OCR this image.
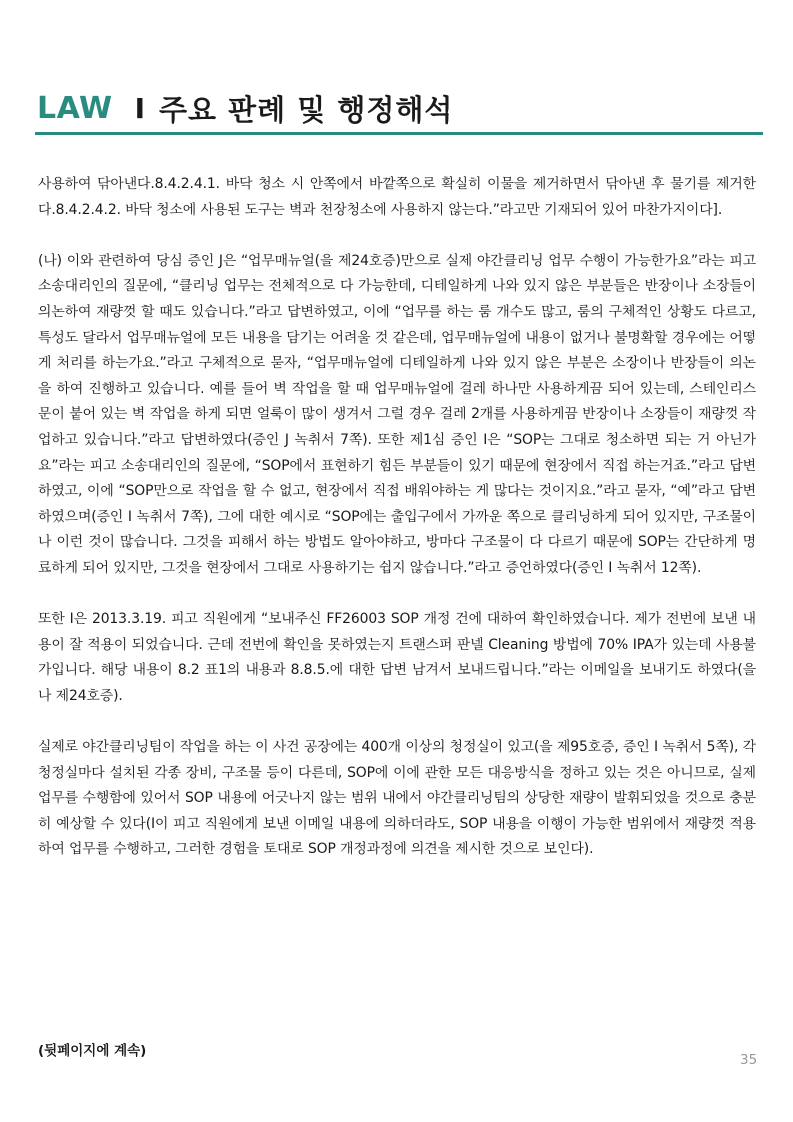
LAW I 주요 판례 및 행정해석

사용하여 닦아낸다.8.4.2.4.1. 바닥 청소 시 안쪽에서 바깥쪽으로 확실히 이물을 제거하면서 닦아낸 후 물기를 제거한다.8.4.2.4.2. 바닥 청소에 사용된 도구는 벽과 천장청소에 사용하지 않는다.”라고만 기재되어 있어 마찬가지이다].

(나) 이와 관련하여 당심 증인 J은 “업무매뉴얼(을 제24호증)만으로 실제 야간클리닝 업무 수행이 가능한가요”라는 피고 소송대리인의 질문에, “클리닝 업무는 전체적으로 다 가능한데, 디테일하게 나와 있지 않은 부분들은 반장이나 소장들이 의논하여 재량껏 할 때도 있습니다.”라고 답변하였고, 이에 “업무를 하는 룸 개수도 많고, 룸의 구체적인 상황도 다르고, 특성도 달라서 업무매뉴얼에 모든 내용을 담기는 어려울 것 같은데, 업무매뉴얼에 내용이 없거나 불명확할 경우에는 어떻게 처리를 하는가요.”라고 구체적으로 묻자, “업무매뉴얼에 디테일하게 나와 있지 않은 부분은 소장이나 반장들이 의논을 하여 진행하고 있습니다. 예를 들어 벽 작업을 할 때 업무매뉴얼에 걸레 하나만 사용하게끔 되어 있는데, 스테인리스 문이 붙어 있는 벽 작업을 하게 되면 얼룩이 많이 생겨서 그럴 경우 걸레 2개를 사용하게끔 반장이나 소장들이 재량껏 작업하고 있습니다.”라고 답변하였다(증인 J 녹취서 7쪽). 또한 제1심 증인 I은 “SOP는 그대로 청소하면 되는 거 아닌가요”라는 피고 소송대리인의 질문에, “SOP에서 표현하기 힘든 부분들이 있기 때문에 현장에서 직접 하는거죠.”라고 답변하였고, 이에 “SOP만으로 작업을 할 수 없고, 현장에서 직접 배워야하는 게 많다는 것이지요.”라고 묻자, “예”라고 답변하였으며(증인 I 녹취서 7쪽), 그에 대한 예시로 “SOP에는 출입구에서 가까운 쪽으로 클리닝하게 되어 있지만, 구조물이나 이런 것이 많습니다. 그것을 피해서 하는 방법도 알아야하고, 방마다 구조물이 다 다르기 때문에 SOP는 간단하게 명료하게 되어 있지만, 그것을 현장에서 그대로 사용하기는 쉽지 않습니다.”라고 증언하였다(증인 I 녹취서 12쪽).

또한 I은 2013.3.19. 피고 직원에게 “보내주신 FF26003 SOP 개정 건에 대하여 확인하였습니다. 제가 전번에 보낸 내용이 잘 적용이 되었습니다. 근데 전번에 확인을 못하였는지 트랜스퍼 판넬 Cleaning 방법에 70% IPA가 있는데 사용불가입니다. 해당 내용이 8.2 표1의 내용과 8.8.5.에 대한 답변 남겨서 보내드립니다.”라는 이메일을 보내기도 하였다(을나 제24호증).

실제로 야간클리닝팀이 작업을 하는 이 사건 공장에는 400개 이상의 청정실이 있고(을 제95호증, 증인 I 녹취서 5쪽), 각 청정실마다 설치된 각종 장비, 구조물 등이 다른데, SOP에 이에 관한 모든 대응방식을 정하고 있는 것은 아니므로, 실제 업무를 수행함에 있어서 SOP 내용에 어긋나지 않는 범위 내에서 야간클리닝팀의 상당한 재량이 발휘되었을 것으로 충분히 예상할 수 있다(I이 피고 직원에게 보낸 이메일 내용에 의하더라도, SOP 내용을 이행이 가능한 범위에서 재량껏 적용하여 업무를 수행하고, 그러한 경험을 토대로 SOP 개정과정에 의견을 제시한 것으로 보인다).

(뒷페이지에 계속)
35
